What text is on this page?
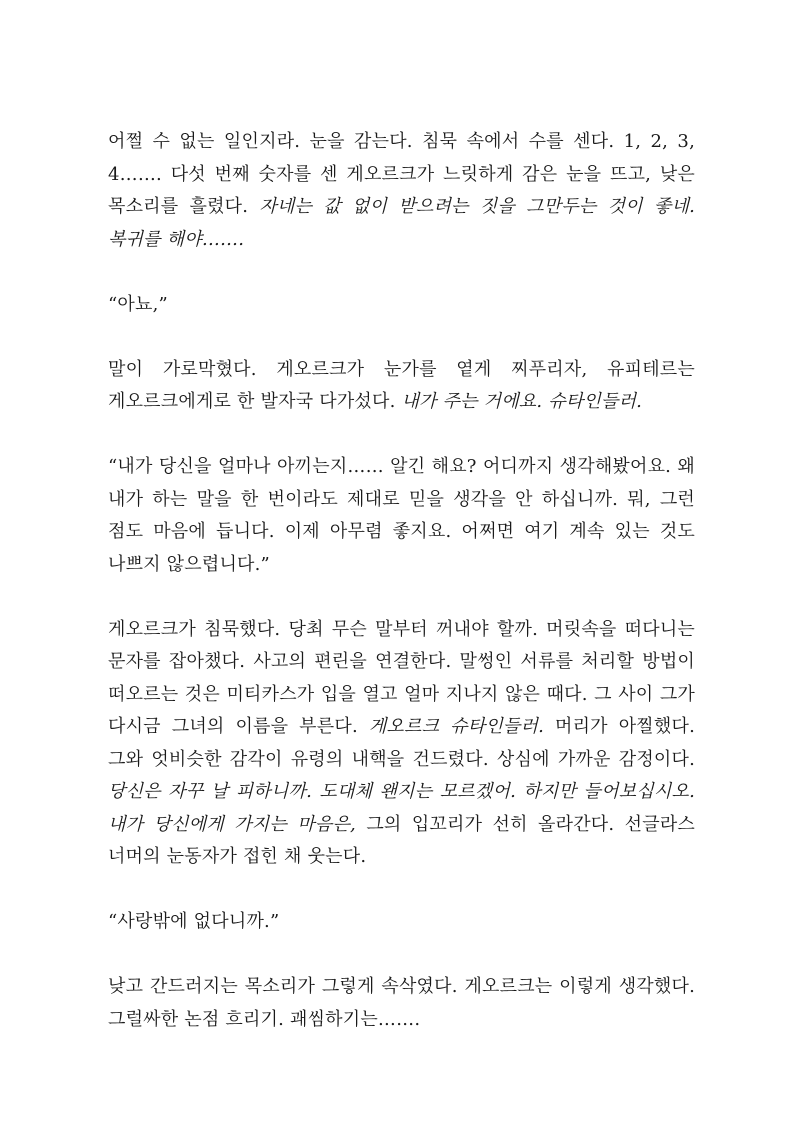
어쩔 수 없는 일인지라. 눈을 감는다. 침묵 속에서 수를 센다. 1, 2, 3, 4……. 다섯 번째 숫자를 센 게오르크가 느릿하게 감은 눈을 뜨고, 낮은 목소리를 흘렸다. 자네는 값 없이 받으려는 짓을 그만두는 것이 좋네. 복귀를 해야…….

“아뇨,”

말이 가로막혔다. 게오르크가 눈가를 옅게 찌푸리자, 유피테르는 게오르크에게로 한 발자국 다가섰다. 내가 주는 거에요. 슈타인들러.

“내가 당신을 얼마나 아끼는지…… 알긴 해요? 어디까지 생각해봤어요. 왜 내가 하는 말을 한 번이라도 제대로 믿을 생각을 안 하십니까. 뭐, 그런 점도 마음에 듭니다. 이제 아무렴 좋지요. 어쩌면 여기 계속 있는 것도 나쁘지 않으렵니다.”

게오르크가 침묵했다. 당최 무슨 말부터 꺼내야 할까. 머릿속을 떠다니는 문자를 잡아챘다. 사고의 편린을 연결한다. 말썽인 서류를 처리할 방법이 떠오르는 것은 미티카스가 입을 열고 얼마 지나지 않은 때다. 그 사이 그가 다시금 그녀의 이름을 부른다. 게오르크 슈타인들러. 머리가 아찔했다. 그와 엇비슷한 감각이 유령의 내핵을 건드렸다. 상심에 가까운 감정이다. 당신은 자꾸 날 피하니까. 도대체 왠지는 모르겠어. 하지만 들어보십시오. 내가 당신에게 가지는 마음은, 그의 입꼬리가 선히 올라간다. 선글라스 너머의 눈동자가 접힌 채 웃는다.

“사랑밖에 없다니까.”

낮고 간드러지는 목소리가 그렇게 속삭였다. 게오르크는 이렇게 생각했다. 그럴싸한 논점 흐리기. 괘씸하기는…….
